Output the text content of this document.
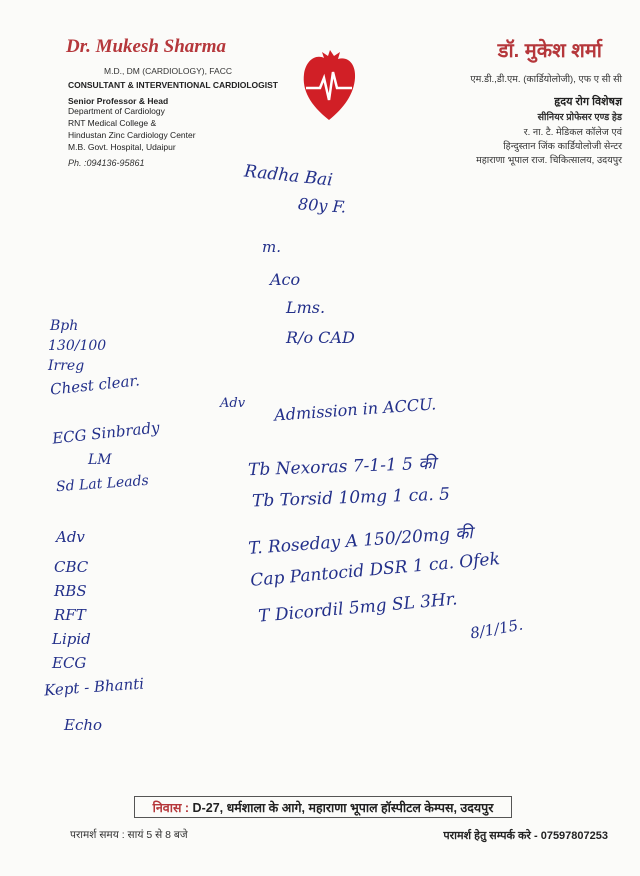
Dr. Mukesh Sharma
M.D., DM (CARDIOLOGY), FACC
CONSULTANT & INTERVENTIONAL CARDIOLOGIST
Senior Professor & Head
Department of Cardiology
RNT Medical College &
Hindustan Zinc Cardiology Center
M.B. Govt. Hospital, Udaipur
Ph. :094136-95861
डॉ. मुकेश शर्मा
एम.डी.,डी.एम. (कार्डियोलोजी), एफ ए सी सी
हृदय रोग विशेषज्ञ
सीनियर प्रोफेसर एण्ड हेड
र. ना. टै. मेडिकल कॉलेज एवं
हिन्दुस्तान जिंक कार्डियोलोजी सेन्टर
महाराणा भूपाल राज. चिकित्सालय, उदयपुर
Radha Bai
80y F.
m.
Aco
Lms.
R/o CAD
Bph
130/100
Irreg
Chest clear.
ECG Sinbrady
LM
Sd Lat Leads
Adv Admission in ACCU.
Tb Nexoras 7-1-1 5 की
Tb Torsid 10mg 1 ca. 5
T. Roseday A 150/20mg की
Cap Pantocid DSR 1 ca. Ofek
T Dicordil 5mg SL 3Hr.
8/1/15.
Adv
CBC
RBS
RFT
Lipid
ECG
Kept - Bhanti
Echo
निवास :
D-27, धर्मशाला के आगे, महाराणा भूपाल हॉस्पीटल केम्पस, उदयपुर
परामर्श समय : सायं 5 से 8 बजे	परामर्श हेतु सम्पर्क करे - 07597807253
